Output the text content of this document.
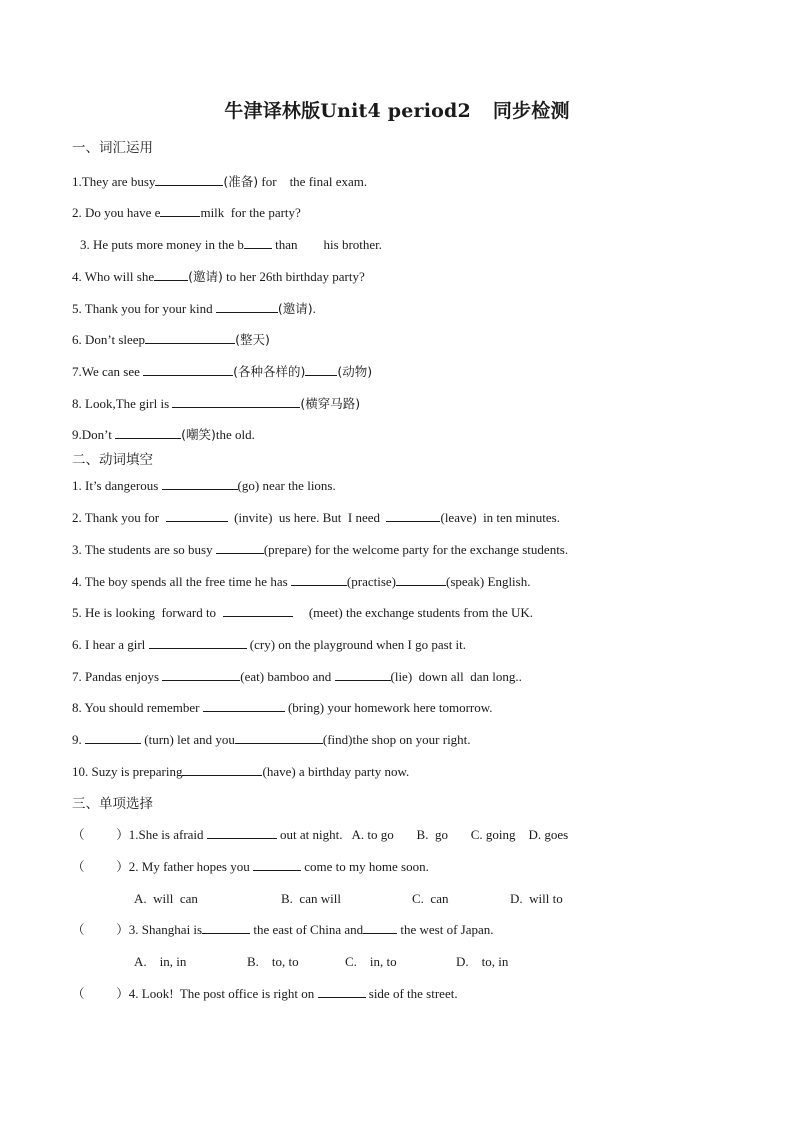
牛津译林版Unit4 period2 同步检测
一、词汇运用
1.They are busy	(准备) for    the final exam.
2. Do you have e	milk  for the party?
3. He puts more money in the b than        his brother.
4. Who will she	(邀请) to her 26th birthday party?
5. Thank you for your kind	(邀请).
6. Don’t sleep	(整天)
7.We can see	(各种各样的)	(动物)
8. Look,The girl is	(横穿马路)
9.Don’t	(嘲笑)the old.
二、动词填空
1. It’s dangerous	(go) near the lions.
2. Thank you for	(invite)  us here. But  I need	(leave)  in ten minutes.
3. The students are so busy	(prepare) for the welcome party for the exchange students.
4. The boy spends all the free time he has	(practise)	(speak) English.
5. He is looking  forward to	(meet) the exchange students from the UK.
6. I hear a girl	(cry) on the playground when I go past it.
7. Pandas enjoys	(eat) bamboo and	(lie)  down all  dan long..
8. You should remember	(bring) your homework here tomorrow.
9.	(turn) let and you	(find)the shop on your right.
10. Suzy is preparing	(have) a birthday party now.
三、单项选择
（        ）1.She is afraid	out at night.   A. to go       B.  go       C. going    D. goes
（        ）2. My father hopes you	come to my home soon.
A.  will  can	B.  can will	C.  can	D.  will to
（        ）3. Shanghai is	the east of China and	the west of Japan.
A.    in, in	B.    to, to	C.    in, to	D.    to, in
（        ）4. Look!  The post office is right on	side of the street.
